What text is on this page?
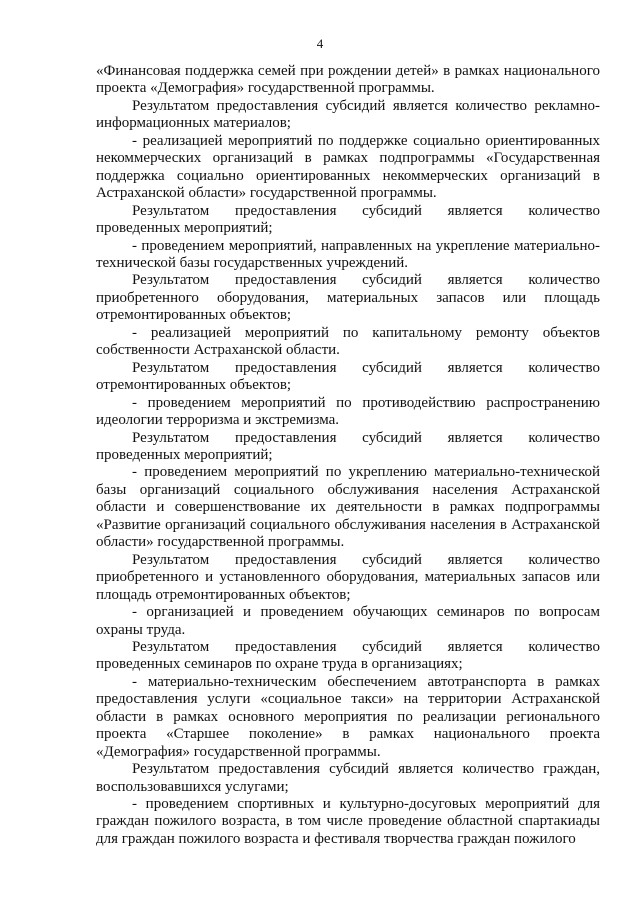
4

«Финансовая поддержка семей при рождении детей» в рамках национального проекта «Демография» государственной программы.

Результатом предоставления субсидий является количество рекламно-информационных материалов;

- реализацией мероприятий по поддержке социально ориентированных некоммерческих организаций в рамках подпрограммы «Государственная поддержка социально ориентированных некоммерческих организаций в Астраханской области» государственной программы.

Результатом предоставления субсидий является количество проведенных мероприятий;

- проведением мероприятий, направленных на укрепление материально-технической базы государственных учреждений.

Результатом предоставления субсидий является количество приобретенного оборудования, материальных запасов или площадь отремонтированных объектов;

- реализацией мероприятий по капитальному ремонту объектов собственности Астраханской области.

Результатом предоставления субсидий является количество отремонтированных объектов;

- проведением мероприятий по противодействию распространению идеологии терроризма и экстремизма.

Результатом предоставления субсидий является количество проведенных мероприятий;

- проведением мероприятий по укреплению материально-технической базы организаций социального обслуживания населения Астраханской области и совершенствование их деятельности в рамках подпрограммы «Развитие организаций социального обслуживания населения в Астраханской области» государственной программы.

Результатом предоставления субсидий является количество приобретенного и установленного оборудования, материальных запасов или площадь отремонтированных объектов;

- организацией и проведением обучающих семинаров по вопросам охраны труда.

Результатом предоставления субсидий является количество проведенных семинаров по охране труда в организациях;

- материально-техническим обеспечением автотранспорта в рамках предоставления услуги «социальное такси» на территории Астраханской области в рамках основного мероприятия по реализации регионального проекта «Старшее поколение» в рамках национального проекта «Демография» государственной программы.

Результатом предоставления субсидий является количество граждан, воспользовавшихся услугами;

- проведением спортивных и культурно-досуговых мероприятий для граждан пожилого возраста, в том числе проведение областной спартакиады для граждан пожилого возраста и фестиваля творчества граждан пожилого
